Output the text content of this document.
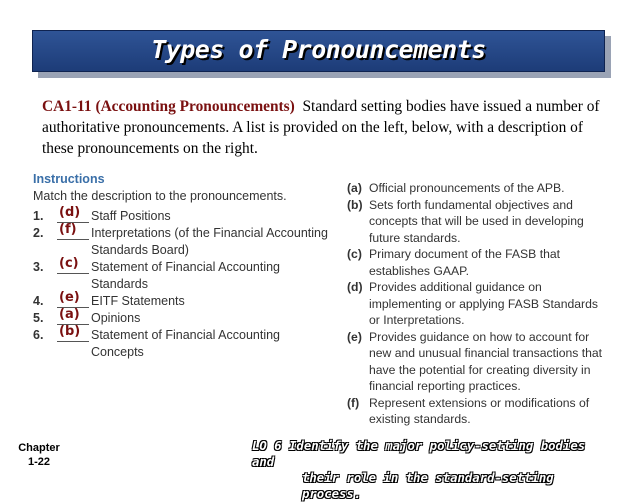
Types of Pronouncements
CA1-11 (Accounting Pronouncements) Standard setting bodies have issued a number of authoritative pronouncements. A list is provided on the left, below, with a description of these pronouncements on the right.
Instructions
Match the description to the pronouncements.
1.	(d) Staff Positions
2.	(f) Interpretations (of the Financial Accounting Standards Board)
3.	(c) Statement of Financial Accounting Standards
4.	(e) EITF Statements
5.	(a) Opinions
6.	(b) Statement of Financial Accounting Concepts
(a) Official pronouncements of the APB.
(b) Sets forth fundamental objectives and concepts that will be used in developing future standards.
(c) Primary document of the FASB that establishes GAAP.
(d) Provides additional guidance on implementing or applying FASB Standards or Interpretations.
(e) Provides guidance on how to account for new and unusual financial transactions that have the potential for creating diversity in financial reporting practices.
(f) Represent extensions or modifications of existing standards.
Chapter
1-22
LO 6 Identify the major policy-setting bodies and
their role in the standard-setting process.
